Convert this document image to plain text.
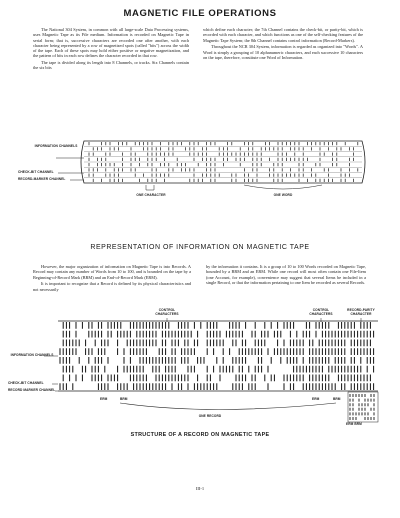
MAGNETIC FILE OPERATIONS

The National 304 System, in common with all large-scale Data Processing systems, uses Magnetic Tape as its File medium. Information is recorded on Magnetic Tape in serial form; that is, successive characters are recorded one after another, with each character being represented by a row of magnetized spots (called "bits") across the width of the tape. Each of these spots may hold either positive or negative magnetization, and the pattern of bits in each row defines the character recorded in that row.

The tape is divided along its length into 8 Channels, or tracks. Six Channels contain the six bits

which define each character; the 7th Channel contains the check-bit, or parity-bit, which is recorded with each character, and which functions as one of the self-checking features of the Magnetic Tape System; the 8th Channel contains control information (Record-Markers).

Throughout the NCR 304 System, information is regarded as organized into "Words". A Word is simply a grouping of 10 alphanumeric characters, and each successive 10 characters on the tape, therefore, constitute one Word of Information.

INFORMATION CHANNELS
CHECK-BIT CHANNEL
RECORD-MARKER CHANNEL
ONE CHARACTER	ONE WORD
REPRESENTATION OF INFORMATION ON MAGNETIC TAPE

However, the major organization of information on Magnetic Tape is into Records. A Record may contain any number of Words from 10 to 100, and is bounded on the tape by a Beginning-of-Record Mark (BRM) and an End-of-Record Mark (ERM).

It is important to recognize that a Record is defined by its physical characteristics and not necessarily

by the information it contains. It is a group of 10 to 100 Words recorded on Magnetic Tape, bounded by a BRM and an ERM. While one record will most often contain one File-Item (one Account, for example), convenience may suggest that several Items be included in a single Record, or that the information pertaining to one Item be recorded as several Records.

CONTROL CHARACTERS
CONTROL CHARACTERS
RECORD-PARITY CHARACTER
INFORMATION CHANNELS
CHECK-BIT CHANNEL
RECORD MARKER CHANNEL
ERM	BRM	ERM	BRM
ONE RECORD
ERM BRM
STRUCTURE OF A RECORD ON MAGNETIC TAPE
III-1
